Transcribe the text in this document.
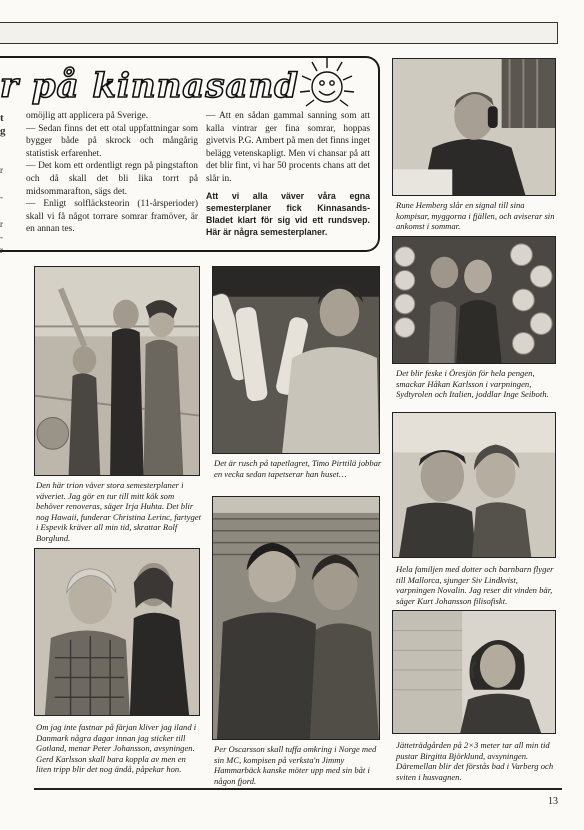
r på kinnasand
t
g
r
-
r
-
r

omöjlig att applicera på Sverige.

— Sedan finns det ett otal uppfattningar som bygger både på skrock och mångårig statistisk erfarenhet.

— Det kom ett ordentligt regn på pingstafton och då skall det bli lika torrt på midsommarafton, sägs det.

— Enligt solfläcksteorin (11-årsperioder) skall vi få något torrare somrar framöver, är en annan tes.

— Att en sådan gammal sanning som att kalla vintrar ger fina somrar, hoppas givetvis P.G. Ambert på men det finns inget belägg vetenskapligt. Men vi chansar på att det blir fint, vi har 50 procents chans att det slår in.

Att vi alla väver våra egna semesterplaner fick Kinnasands-Bladet klart för sig vid ett rundsvep. Här är några semesterplaner.

Rune Hemberg slår en signal till sina kompisar, myggorna i fjällen, och aviserar sin ankomst i sommar.
Det blir feske i Öresjön för hela pengen, smackar Håkan Karlsson i varpningen, Sydtyrolen och Italien, joddlar Inge Seiboth.
Hela familjen med dotter och barnbarn flyger till Mallorca, sjunger Siv Lindkvist, varpningen Novalin. Jag reser dit vinden bär, säger Kurt Johansson filisofiskt.
Jätteträdgården på 2×3 meter tar all min tid pustar Birgitta Björklund, avsyningen. Däremellan blir det förstås bad i Varberg och sviten i husvagnen.
Den här trion väver stora semesterplaner i väveriet. Jag gör en tur till mitt kök som behöver renoveras, säger Irja Huhta. Det blir nog Hawaii, funderar Christina Lerinc, fartyget i Espevik kräver all min tid, skrattar Rolf Borglund.
Om jag inte fastnar på färjan kliver jag iland i Danmark några dagar innan jag sticker till Gotland, menar Peter Johansson, avsyningen. Gerd Karlsson skall bara koppla av men en liten tripp blir det nog ändå, påpekar hon.
Det är rusch på tapetlagret, Timo Pirttilä jobbar en vecka sedan tapetserar han huset…
Per Oscarsson skall tuffa omkring i Norge med sin MC, kompisen på verksta'n Jimmy Hammarbäck kanske möter upp med sin båt i någon fjord.
13
